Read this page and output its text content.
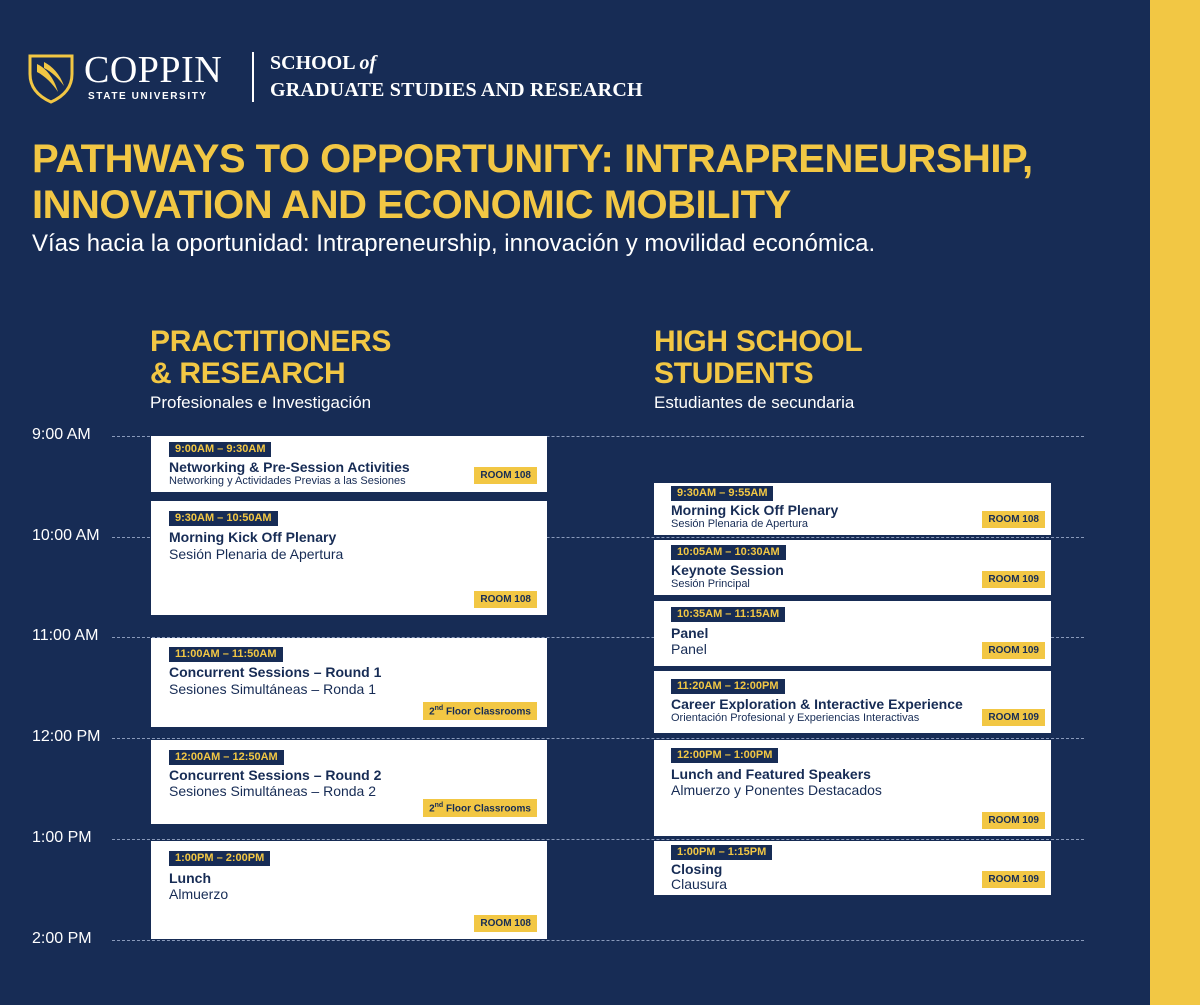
COPPIN
STATE UNIVERSITY
SCHOOL of
GRADUATE STUDIES AND RESEARCH
PATHWAYS TO OPPORTUNITY: INTRAPRENEURSHIP, INNOVATION AND ECONOMIC MOBILITY
Vías hacia la oportunidad: Intrapreneurship, innovación y movilidad económica.
PRACTITIONERS
& RESEARCH
Profesionales e Investigación
HIGH SCHOOL
STUDENTS
Estudiantes de secundaria
9:00 AM
10:00 AM
11:00 AM
12:00 PM
1:00 PM
2:00 PM
9:00AM – 9:30AM
Networking & Pre-Session Activities
Networking y Actividades Previas a las Sesiones	ROOM 108
9:30AM – 10:50AM
Morning Kick Off Plenary
Sesión Plenaria de Apertura
ROOM 108
11:00AM – 11:50AM
Concurrent Sessions – Round 1
Sesiones Simultáneas – Ronda 1
2nd Floor Classrooms
12:00AM – 12:50AM
Concurrent Sessions – Round 2
Sesiones Simultáneas – Ronda 2
2nd Floor Classrooms
1:00PM – 2:00PM
Lunch
Almuerzo
ROOM 108
9:30AM – 9:55AM
Morning Kick Off Plenary
Sesión Plenaria de Apertura	ROOM 108
10:05AM – 10:30AM
Keynote Session
Sesión Principal	ROOM 109
10:35AM – 11:15AM
Panel
Panel	ROOM 109
11:20AM – 12:00PM
Career Exploration & Interactive Experience
Orientación Profesional y Experiencias Interactivas	ROOM 109
12:00PM – 1:00PM
Lunch and Featured Speakers
Almuerzo y Ponentes Destacados
ROOM 109
1:00PM – 1:15PM
Closing
Clausura	ROOM 109
